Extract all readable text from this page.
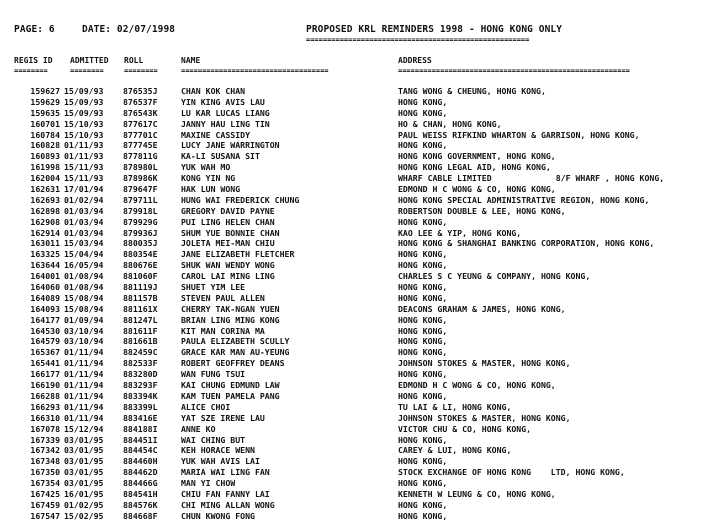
PAGE: 6	DATE: 02/07/1998	PROPOSED KRL REMINDERS 1998 - HONG KONG ONLY
=====================================================
REGIS ID ADMITTED ROLL	NAME	ADDRESS
========	========	========	===================================	=======================================================
159627 15/09/93	876535J	CHAN KOK CHAN	TANG WONG & CHEUNG, HONG KONG,
159629 15/09/93	876537F	YIN KING AVIS LAU	HONG KONG,
159635 15/09/93	876543K	LU KAR LUCAS LIANG	HONG KONG,
160701 15/10/93	877617C	JANNY HAU LING TIN	HO & CHAN, HONG KONG,
160784 15/10/93	877701C	MAXINE CASSIDY	PAUL WEISS RIFKIND WHARTON & GARRISON, HONG KONG,
160828 01/11/93	877745E	LUCY JANE WARRINGTON	HONG KONG,
160893 01/11/93	877811G	KA-LI SUSANA SIT	HONG KONG GOVERNMENT, HONG KONG,
161998 15/11/93	878980L	YUK WAH MO	HONG KONG LEGAL AID, HONG KONG,
162004 15/11/93	878986K	KONG YIN NG	WHARF CABLE LIMITED             8/F WHARF , HONG KONG,
162631 17/01/94	879647F	HAK LUN WONG	EDMOND H C WONG & CO, HONG KONG,
162693 01/02/94	879711L	HUNG WAI FREDERICK CHUNG	HONG KONG SPECIAL ADMINISTRATIVE REGION, HONG KONG,
162898 01/03/94	879918L	GREGORY DAVID PAYNE	ROBERTSON DOUBLE & LEE, HONG KONG,
162908 01/03/94	879929G	PUI LING HELEN CHAN	HONG KONG,
162914 01/03/94	879936J	SHUM YUE BONNIE CHAN	KAO LEE & YIP, HONG KONG,
163011 15/03/94	880035J	JOLETA MEI-MAN CHIU	HONG KONG & SHANGHAI BANKING CORPORATION, HONG KONG,
163325 15/04/94	880354E	JANE ELIZABETH FLETCHER	HONG KONG,
163644 16/05/94	880676E	SHUK WAN WENDY WONG	HONG KONG,
164001 01/08/94	881060F	CAROL LAI MING LING	CHARLES S C YEUNG & COMPANY, HONG KONG,
164060 01/08/94	881119J	SHUET YIM LEE	HONG KONG,
164089 15/08/94	881157B	STEVEN PAUL ALLEN	HONG KONG,
164093 15/08/94	881161X	CHERRY TAK-NGAN YUEN	DEACONS GRAHAM & JAMES, HONG KONG,
164177 01/09/94	881247L	BRIAN LING MING KONG	HONG KONG,
164530 03/10/94	881611F	KIT MAN CORINA MA	HONG KONG,
164579 03/10/94	881661B	PAULA ELIZABETH SCULLY	HONG KONG,
165367 01/11/94	882459C	GRACE KAR MAN AU-YEUNG	HONG KONG,
165441 01/11/94	882533F	ROBERT GEOFFREY DEANS	JOHNSON STOKES & MASTER, HONG KONG,
166177 01/11/94	883280D	WAN FUNG TSUI	HONG KONG,
166190 01/11/94	883293F	KAI CHUNG EDMUND LAW	EDMOND H C WONG & CO, HONG KONG,
166288 01/11/94	883394K	KAM TUEN PAMELA PANG	HONG KONG,
166293 01/11/94	883399L	ALICE CHOI	TU LAI & LI, HONG KONG,
166310 01/11/94	883416E	YAT SZE IRENE LAU	JOHNSON STOKES & MASTER, HONG KONG,
167078 15/12/94	884188I	ANNE KO	VICTOR CHU & CO, HONG KONG,
167339 03/01/95	884451I	WAI CHING BUT	HONG KONG,
167342 03/01/95	884454C	KEH HORACE WENN	CAREY & LUI, HONG KONG,
167348 03/01/95	884460H	YUK WAH AVIS LAI	HONG KONG,
167350 03/01/95	884462D	MARIA WAI LING FAN	STOCK EXCHANGE OF HONG KONG    LTD, HONG KONG,
167354 03/01/95	884466G	MAN YI CHOW	HONG KONG,
167425 16/01/95	884541H	CHIU FAN FANNY LAI	KENNETH W LEUNG & CO, HONG KONG,
167459 01/02/95	884576K	CHI MING ALLAN WONG	HONG KONG,
167547 15/02/95	884668F	CHUN KWONG FONG	HONG KONG,
